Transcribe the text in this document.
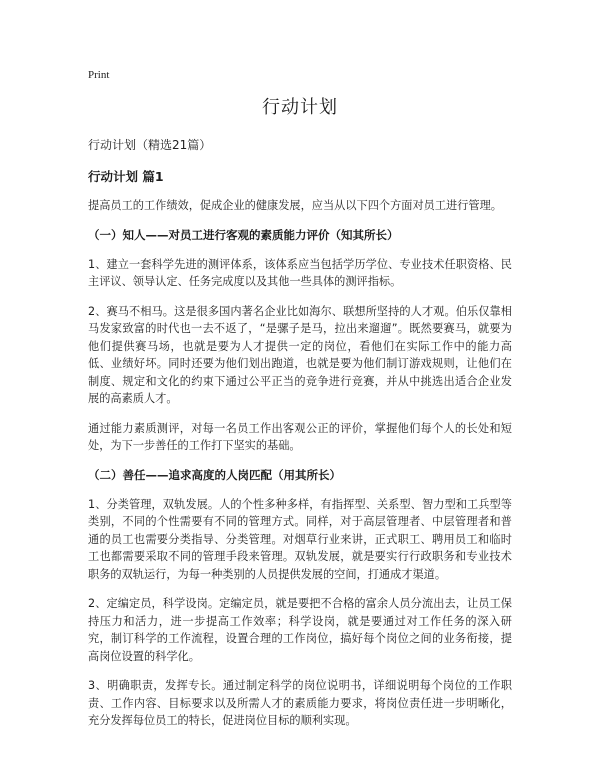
Print

行动计划

行动计划（精选21篇）

行动计划 篇1

提高员工的工作绩效，促成企业的健康发展，应当从以下四个方面对员工进行管理。

（一）知人——对员工进行客观的素质能力评价（知其所长）

1、建立一套科学先进的测评体系，该体系应当包括学历学位、专业技术任职资格、民主评议、领导认定、任务完成度以及其他一些具体的测评指标。

2、赛马不相马。这是很多国内著名企业比如海尔、联想所坚持的人才观。伯乐仅靠相马发家致富的时代也一去不返了，“是骡子是马，拉出来遛遛”。既然要赛马，就要为他们提供赛马场，也就是要为人才提供一定的岗位，看他们在实际工作中的能力高低、业绩好坏。同时还要为他们划出跑道，也就是要为他们制订游戏规则，让他们在制度、规定和文化的约束下通过公平正当的竞争进行竞赛，并从中挑选出适合企业发展的高素质人才。

通过能力素质测评，对每一名员工作出客观公正的评价，掌握他们每个人的长处和短处，为下一步善任的工作打下坚实的基础。

（二）善任——追求高度的人岗匹配（用其所长）

1、分类管理，双轨发展。人的个性多种多样，有指挥型、关系型、智力型和工兵型等类别，不同的个性需要有不同的管理方式。同样，对于高层管理者、中层管理者和普通的员工也需要分类指导、分类管理。对烟草行业来讲，正式职工、聘用员工和临时工也都需要采取不同的管理手段来管理。双轨发展，就是要实行行政职务和专业技术职务的双轨运行，为每一种类别的人员提供发展的空间，打通成才渠道。

2、定编定员，科学设岗。定编定员，就是要把不合格的富余人员分流出去，让员工保持压力和活力，进一步提高工作效率；科学设岗，就是要通过对工作任务的深入研究，制订科学的工作流程，设置合理的工作岗位，搞好每个岗位之间的业务衔接，提高岗位设置的科学化。

3、明确职责，发挥专长。通过制定科学的岗位说明书，详细说明每个岗位的工作职责、工作内容、目标要求以及所需人才的素质能力要求，将岗位责任进一步明晰化，充分发挥每位员工的特长，促进岗位目标的顺利实现。
